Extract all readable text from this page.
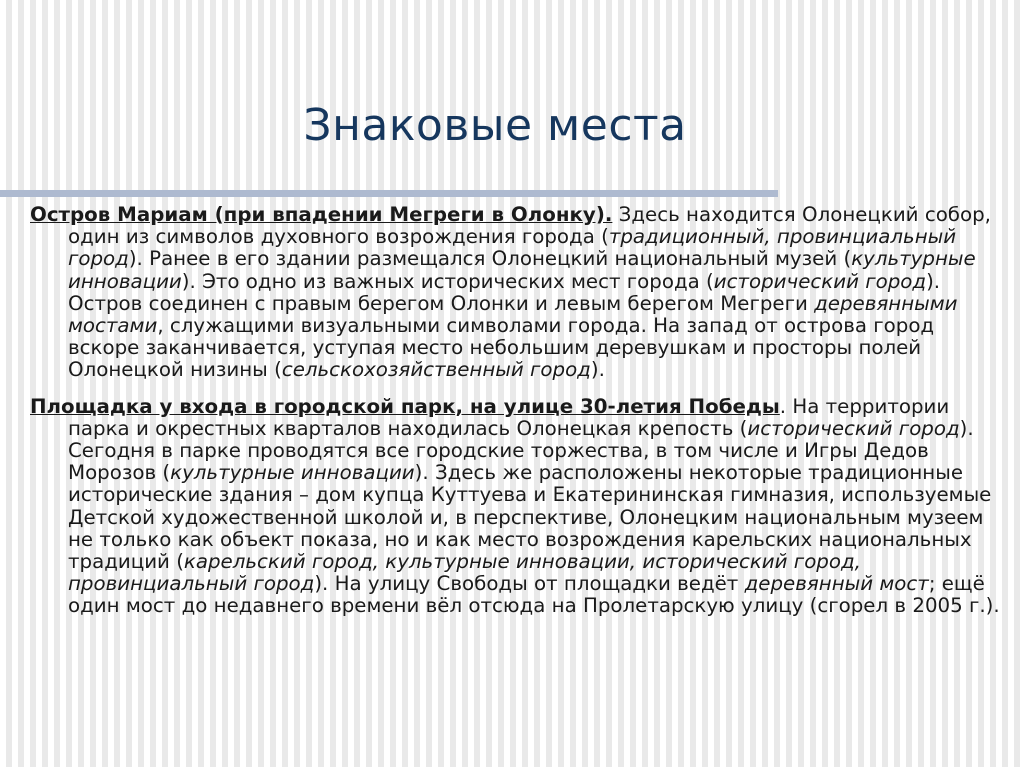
Знаковые места

Остров Мариам (при впадении Мегреги в Олонку). Здесь находится Олонецкий собор, один из символов духовного возрождения города (традиционный, провинциальный город). Ранее в его здании размещался Олонецкий национальный музей (культурные инновации). Это одно из важных исторических мест города (исторический город). Остров соединен с правым берегом Олонки и левым берегом Мегреги деревянными мостами, служащими визуальными символами города. На запад от острова город вскоре заканчивается, уступая место небольшим деревушкам и просторы полей Олонецкой низины (сельскохозяйственный город).

Площадка у входа в городской парк, на улице 30-летия Победы. На территории парка и окрестных кварталов находилась Олонецкая крепость (исторический город). Сегодня в парке проводятся все городские торжества, в том числе и Игры Дедов Морозов (культурные инновации). Здесь же расположены некоторые традиционные исторические здания – дом купца Куттуева и Екатерининская гимназия, используемые Детской художественной школой и, в перспективе, Олонецким национальным музеем не только как объект показа, но и как место возрождения карельских национальных традиций (карельский город, культурные инновации, исторический город, провинциальный город). На улицу Свободы от площадки ведёт деревянный мост; ещё один мост до недавнего времени вёл отсюда на Пролетарскую улицу (сгорел в 2005 г.).
